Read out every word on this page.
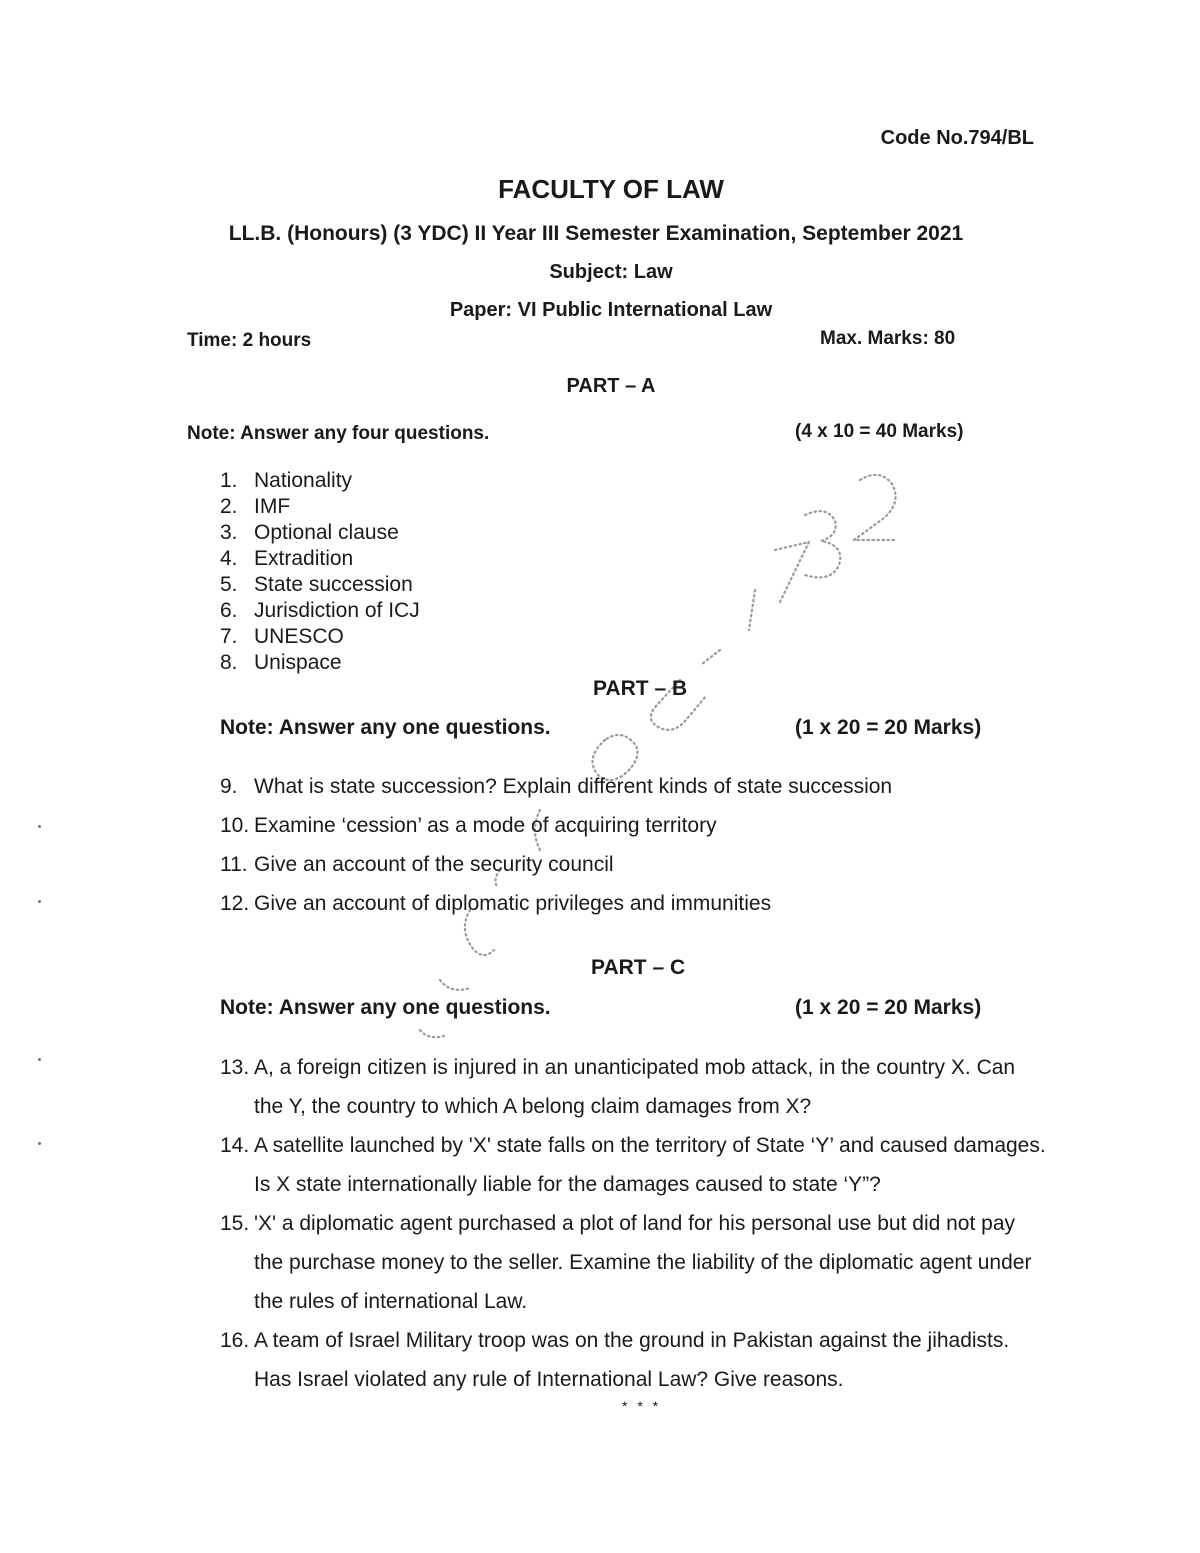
Code No.794/BL

FACULTY OF LAW

LL.B. (Honours) (3 YDC) II Year III Semester Examination, September 2021

Subject: Law

Paper: VI Public International Law

Time: 2 hours	Max. Marks: 80

PART – A

Note: Answer any four questions.	(4 x 10 = 40 Marks)

1. Nationality
2. IMF
3. Optional clause
4. Extradition
5. State succession
6. Jurisdiction of ICJ
7. UNESCO
8. Unispace

PART – B

Note: Answer any one questions.	(1 x 20 = 20 Marks)

9. What is state succession? Explain different kinds of state succession
10. Examine ‘cession’ as a mode of acquiring territory
11. Give an account of the security council
12. Give an account of diplomatic privileges and immunities

PART – C

Note: Answer any one questions.	(1 x 20 = 20 Marks)

13. A, a foreign citizen is injured in an unanticipated mob attack, in the country X. Can the Y, the country to which A belong claim damages from X?
14. A satellite launched by 'X' state falls on the territory of State ‘Y’ and caused damages. Is X state internationally liable for the damages caused to state ‘Y”?
15. 'X' a diplomatic agent purchased a plot of land for his personal use but did not pay the purchase money to the seller. Examine the liability of the diplomatic agent under the rules of international Law.
16. A team of Israel Military troop was on the ground in Pakistan against the jihadists. Has Israel violated any rule of International Law? Give reasons.

* * *
